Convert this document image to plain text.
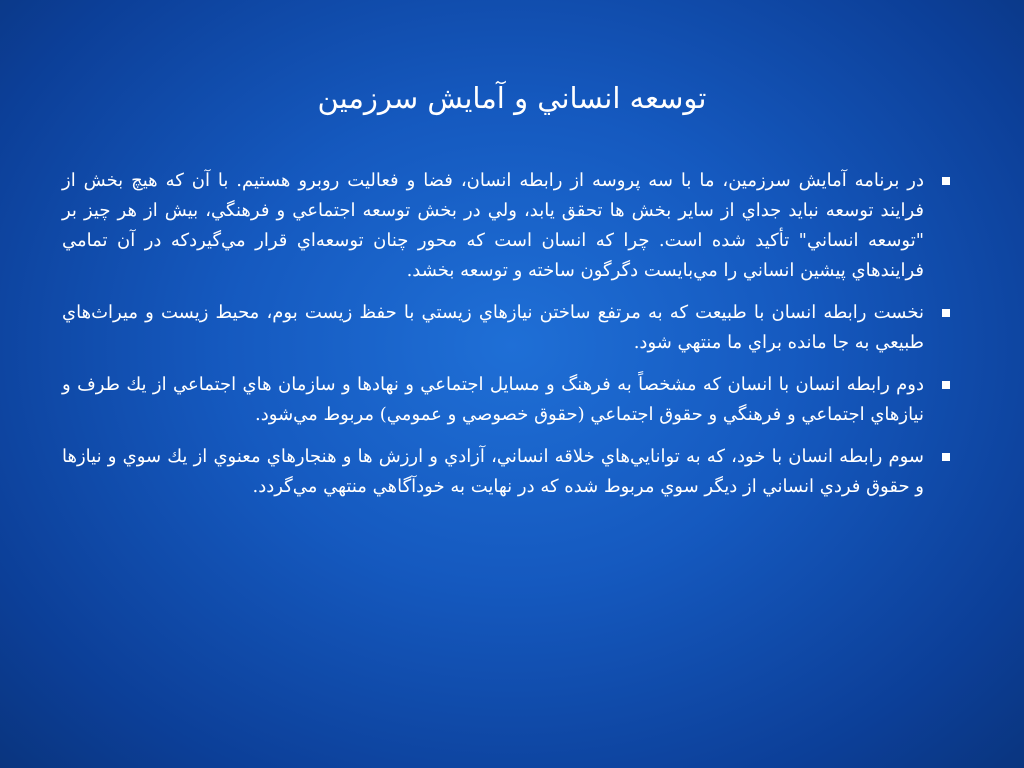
توسعه انساني و آمايش سرزمين
در برنامه آمايش سرزمين، ما با سه پروسه از رابطه انسان، فضا و فعاليت روبرو هستيم. با آن كه هيچ بخش از فرايند توسعه نبايد جداي از ساير بخش ها تحقق يابد، ولي در بخش توسعه اجتماعي و فرهنگي، بيش از هر چيز بر "توسعه انساني" تأكيد شده است. چرا كه انسان است كه محور چنان توسعه‌اي قرار مي‌گيردكه در آن تمامي فرايندهاي پيشين انساني را مي‌بايست دگرگون ساخته و توسعه بخشد.
نخست رابطه انسان با طبيعت كه به مرتفع ساختن نيازهاي زيستي با حفظ زيست بوم، محيط زيست و ميراث‌هاي طبيعي به جا مانده براي ما منتهي شود.
دوم رابطه انسان با انسان كه مشخصاً به فرهنگ و مسايل اجتماعي و نهادها و سازمان هاي اجتماعي از يك طرف و نيازهاي اجتماعي و فرهنگي و حقوق اجتماعي (حقوق خصوصي و عمومي) مربوط مي‌شود.
سوم رابطه انسان با خود، كه به توانايي‌هاي خلاقه انساني، آزادي و ارزش ها و هنجارهاي معنوي از يك سوي و نيازها و حقوق فردي انساني از ديگر سوي مربوط شده كه در نهايت به خودآگاهي منتهي مي‌گردد.
